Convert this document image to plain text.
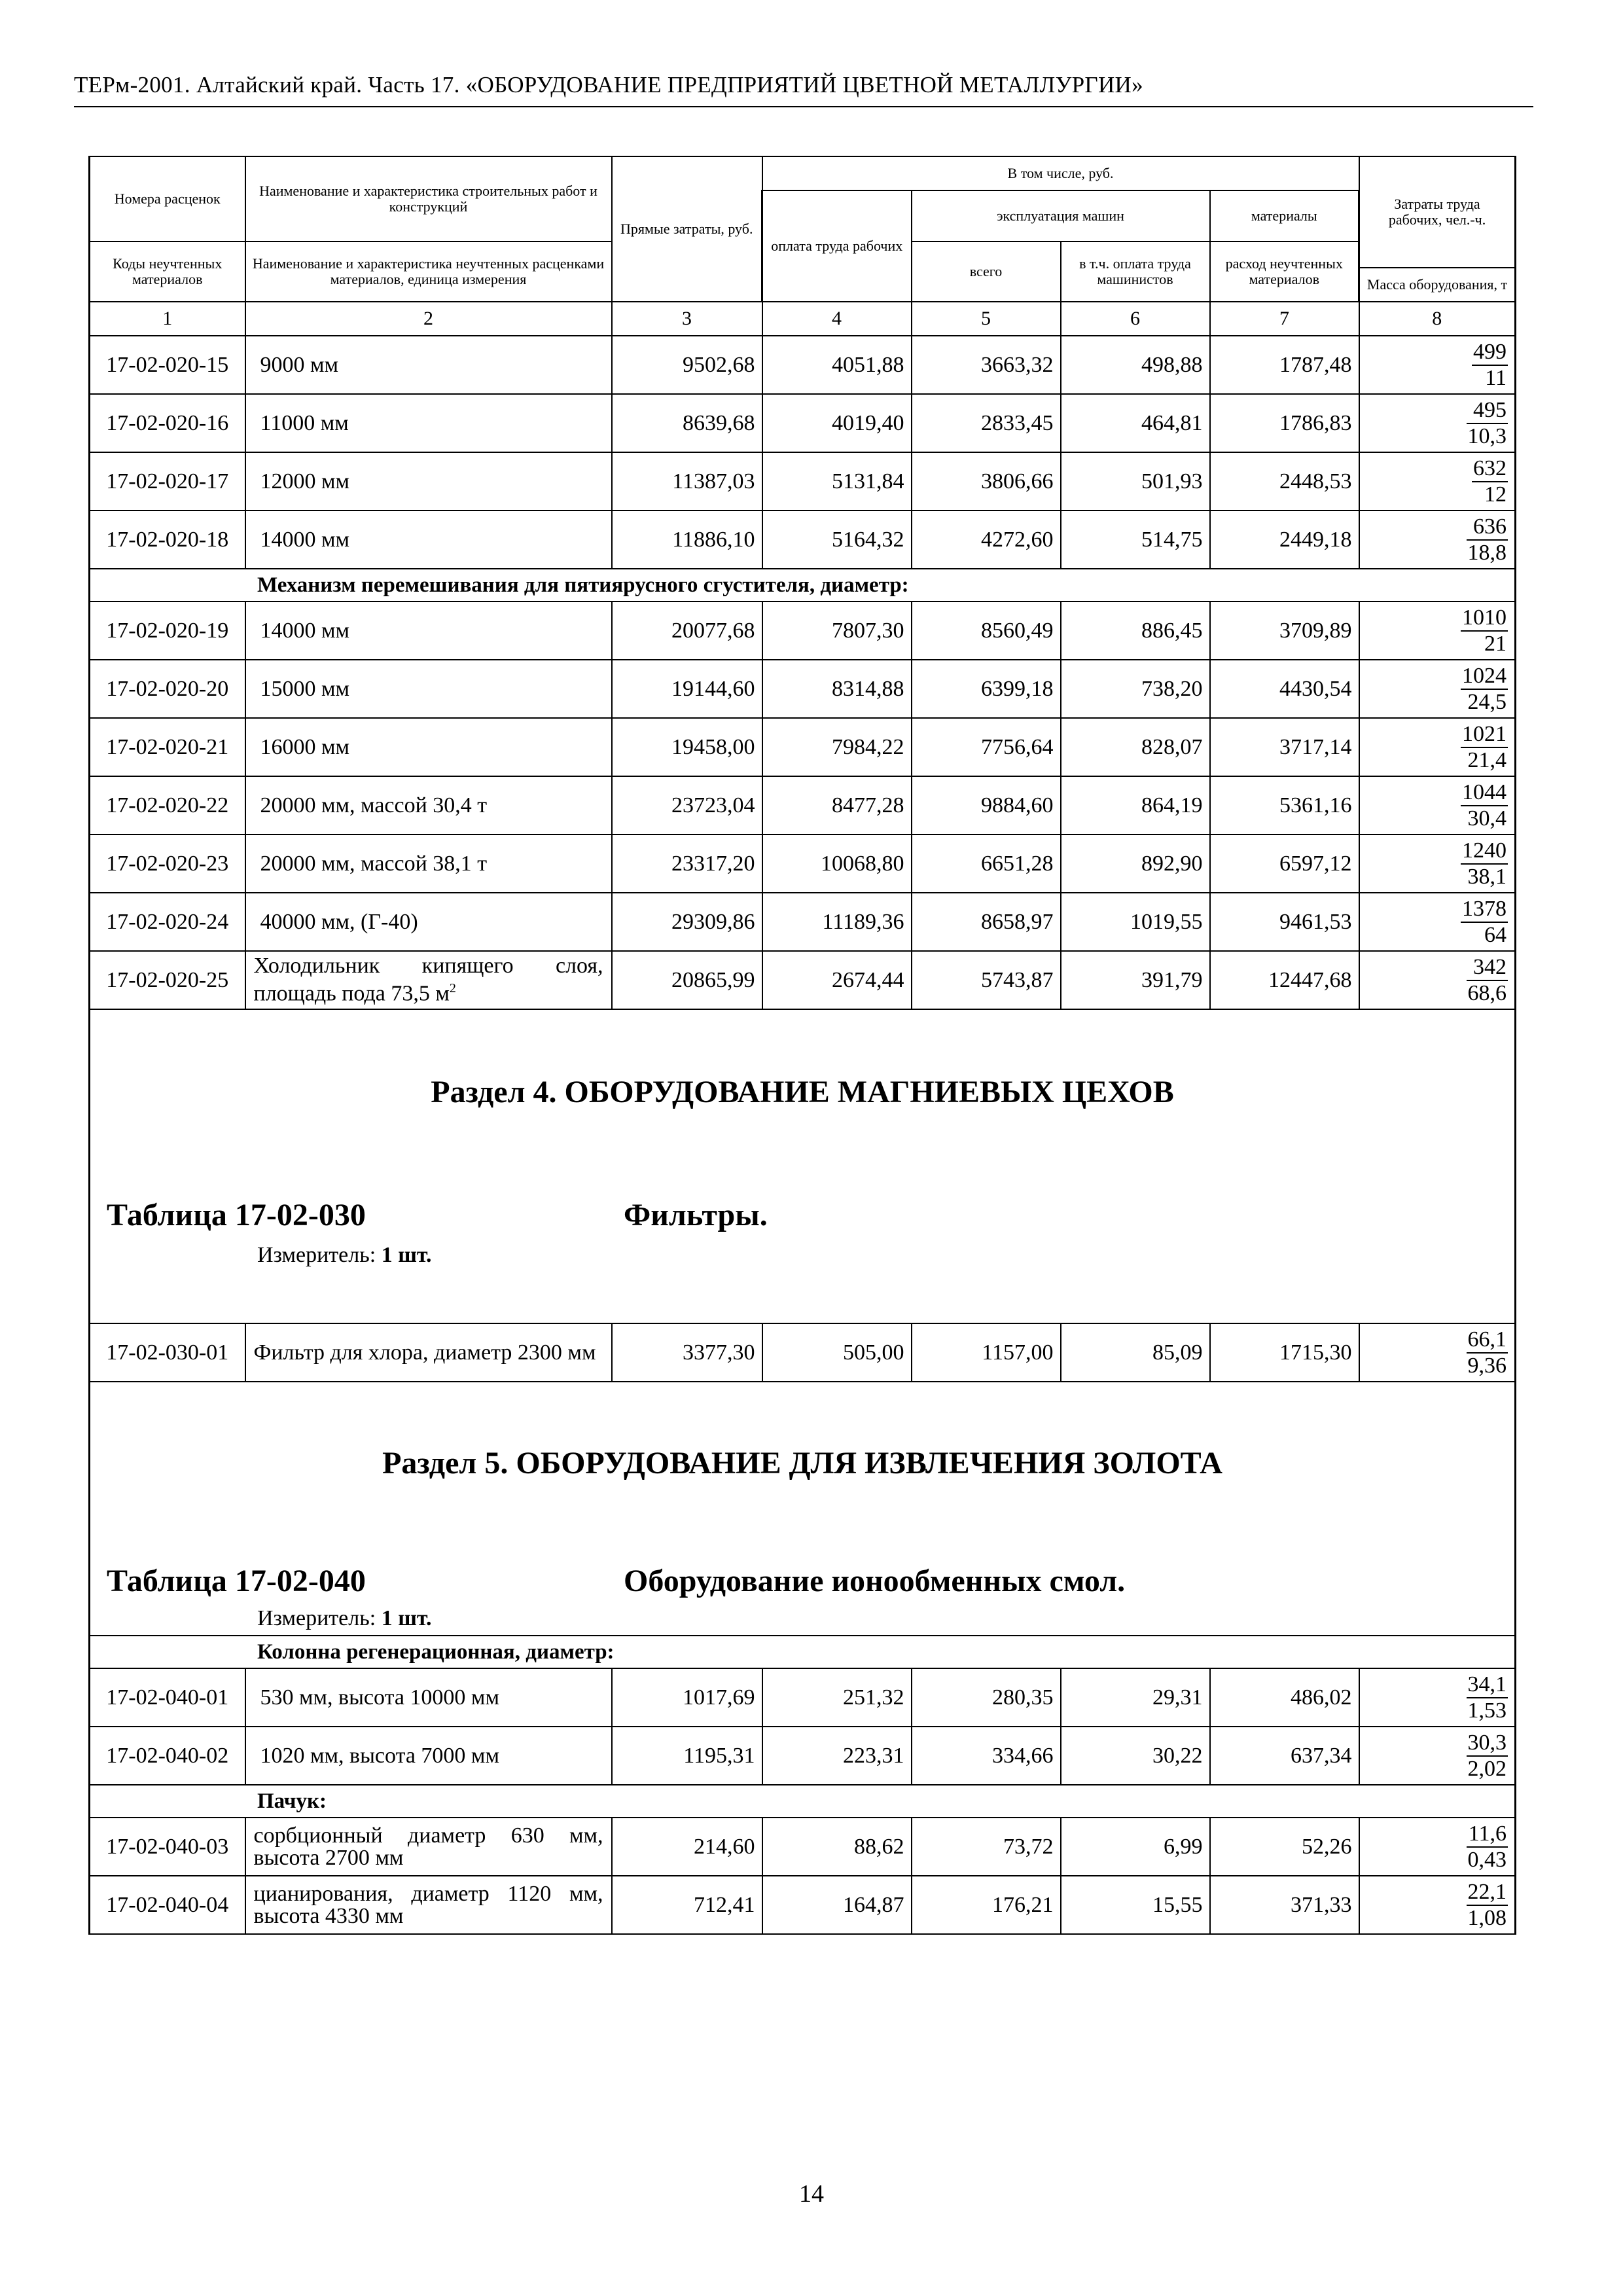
ТЕРм-2001. Алтайский край. Часть 17. «ОБОРУДОВАНИЕ ПРЕДПРИЯТИЙ ЦВЕТНОЙ МЕТАЛЛУРГИИ»
Номера расценок	Наименование и характеристика строительных работ и конструкций	Прямые затраты, руб.	В том числе, руб.				Затраты труда рабочих, чел.-ч.
			оплата труда рабочих	эксплуатация машин		материалы	
Коды неучтенных материалов	Наименование и характеристика неучтенных расценками материалов, единица измерения			всего	в т.ч. оплата труда машинистов	расход неучтенных материалов	
							Масса оборудования, т
1	2	3	4	5	6	7	8
17-02-020-15	9000 мм	9502,68	4051,88	3663,32	498,88	1787,48	$\frac{499}{11}$

17-02-020-16	11000 мм	8639,68	4019,40	2833,45	464,81	1786,83	$\frac{495}{10,3}$

17-02-020-17	12000 мм	11387,03	5131,84	3806,66	501,93	2448,53	$\frac{632}{12}$

17-02-020-18	14000 мм	11886,10	5164,32	4272,60	514,75	2449,18	$\frac{636}{18,8}$

Механизм перемешивания для пятиярусного сгустителя, диаметр:							
17-02-020-19	14000 мм	20077,68	7807,30	8560,49	886,45	3709,89	$\frac{1010}{21}$

17-02-020-20	15000 мм	19144,60	8314,88	6399,18	738,20	4430,54	$\frac{1024}{24,5}$

17-02-020-21	16000 мм	19458,00	7984,22	7756,64	828,07	3717,14	$\frac{1021}{21,4}$

17-02-020-22	20000 мм, массой 30,4 т	23723,04	8477,28	9884,60	864,19	5361,16	$\frac{1044}{30,4}$

17-02-020-23	20000 мм, массой 38,1 т	23317,20	10068,80	6651,28	892,90	6597,12	$\frac{1240}{38,1}$

17-02-020-24	40000 мм, (Г-40)	29309,86	11189,36	8658,97	1019,55	9461,53	$\frac{1378}{64}$

17-02-020-25	Холодильник кипящего слоя, площадь пода 73,5 $м^2$	20865,99	2674,44	5743,87	391,79	12447,68	$\frac{342}{68,6}$

Раздел 4. ОБОРУДОВАНИЕ МАГНИЕВЫХ ЦЕХОВ
Таблица 17-02-030 Фильтры.
Измеритель: 1 шт.							

17-02-030-01	Фильтр для хлора, диаметр 2300 мм	3377,30	505,00	1157,00	85,09	1715,30	$\frac{66,1}{9,36}$

Раздел 5. ОБОРУДОВАНИЕ ДЛЯ ИЗВЛЕЧЕНИЯ ЗОЛОТА
Таблица 17-02-040 Оборудование ионообменных смол.
Измеритель: 1 шт.							

Колонна регенерационная, диаметр:							
17-02-040-01	530 мм, высота 10000 мм	1017,69	251,32	280,35	29,31	486,02	$\frac{34,1}{1,53}$

17-02-040-02	1020 мм, высота 7000 мм	1195,31	223,31	334,66	30,22	637,34	$\frac{30,3}{2,02}$

Пачук:							
17-02-040-03	сорбционный диаметр 630 мм, высота 2700 мм	214,60	88,62	73,72	6,99	52,26	$\frac{11,6}{0,43}$

17-02-040-04	цианирования, диаметр 1120 мм, высота 4330 мм	712,41	164,87	176,21	15,55	371,33	$\frac{22,1}{1,08}$
14
